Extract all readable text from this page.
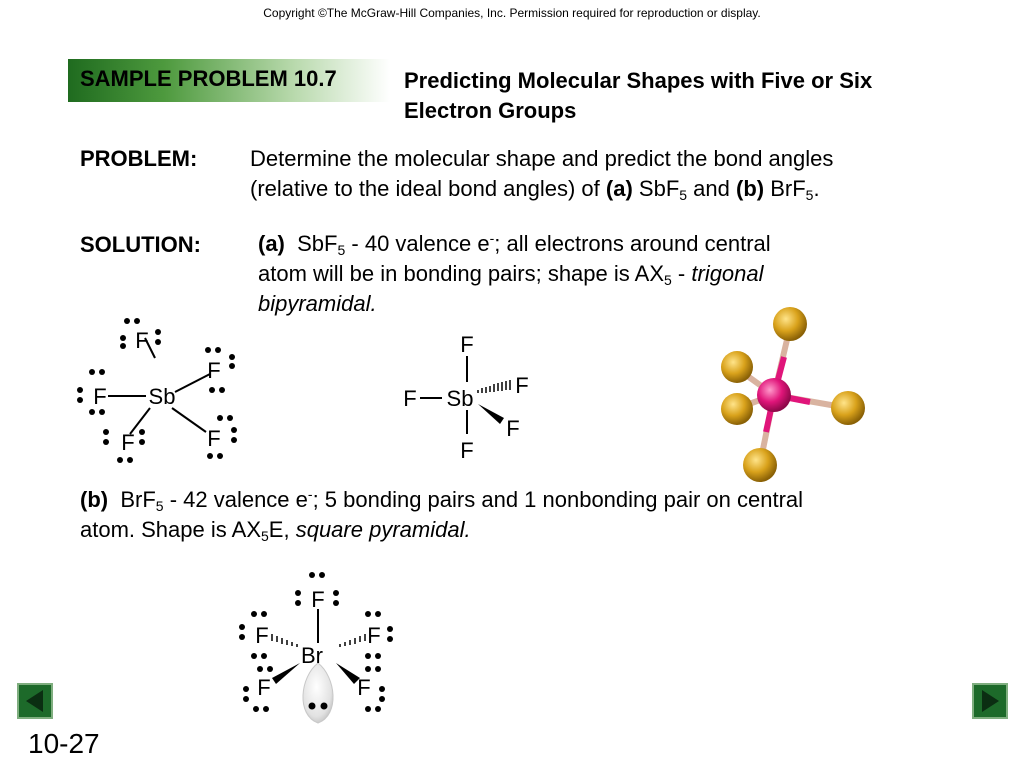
Copyright ©The McGraw-Hill Companies, Inc. Permission required for reproduction or display.
SAMPLE PROBLEM 10.7	Predicting Molecular Shapes with Five or Six
Electron Groups
PROBLEM: Determine the molecular shape and predict the bond angles
(relative to the ideal bond angles) of (a) SbF$_5$ and (b) BrF$_5$.
SOLUTION:	(a) SbF$_5$ - 40 valence e-; all electrons around central
atom will be in bonding pairs; shape is $AX_5$ - trigonal
bipyramidal.
Sb
F
F
F
F	F
F
Sb
F
F
F
F
(b) BrF$_5$ - 42 valence e-; 5 bonding pairs and 1 nonbonding pair on central
atom. Shape is $AX_5E$, square pyramidal.
F
F	F
Br
F	F
10-27
